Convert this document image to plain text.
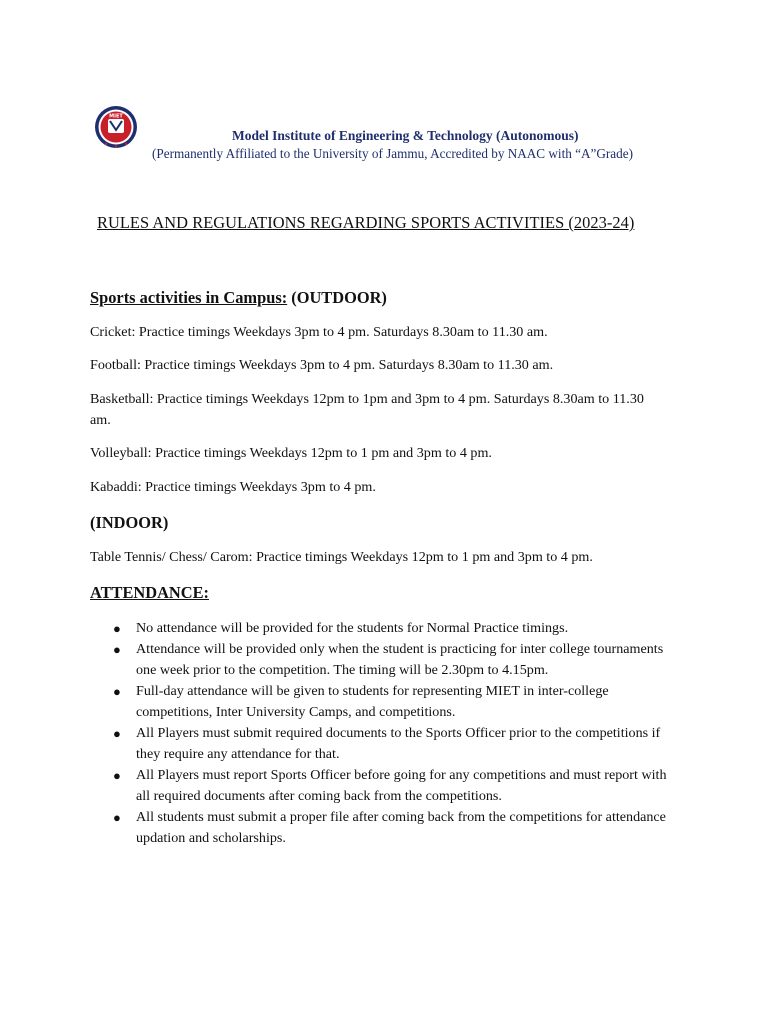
MIET
Model Institute of Engineering & Technology (Autonomous)
(Permanently Affiliated to the University of Jammu, Accredited by NAAC with “A”Grade)
RULES AND REGULATIONS REGARDING SPORTS ACTIVITIES (2023-24)
Sports activities in Campus: (OUTDOOR)
Cricket: Practice timings Weekdays 3pm to 4 pm. Saturdays 8.30am to 11.30 am.
Football: Practice timings Weekdays 3pm to 4 pm. Saturdays 8.30am to 11.30 am.
Basketball: Practice timings Weekdays 12pm to 1pm and 3pm to 4 pm. Saturdays 8.30am to 11.30 am.
Volleyball: Practice timings Weekdays 12pm to 1 pm and 3pm to 4 pm.
Kabaddi: Practice timings Weekdays 3pm to 4 pm.
(INDOOR)
Table Tennis/ Chess/ Carom: Practice timings Weekdays 12pm to 1 pm and 3pm to 4 pm.
ATTENDANCE:
● No attendance will be provided for the students for Normal Practice timings.
● Attendance will be provided only when the student is practicing for inter college tournaments one week prior to the competition. The timing will be 2.30pm to 4.15pm.
● Full-day attendance will be given to students for representing MIET in inter-college competitions, Inter University Camps, and competitions.
● All Players must submit required documents to the Sports Officer prior to the competitions if they require any attendance for that.
● All Players must report Sports Officer before going for any competitions and must report with all required documents after coming back from the competitions.
● All students must submit a proper file after coming back from the competitions for attendance updation and scholarships.
